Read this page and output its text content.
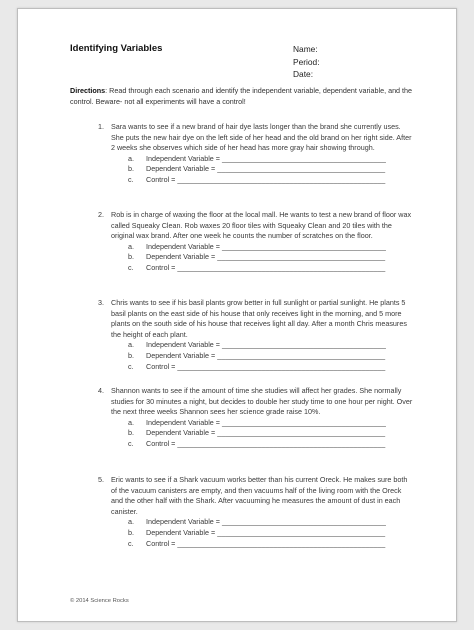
Identifying Variables	Name:
Period:
Date:
Directions: Read through each scenario and identify the independent variable, dependent variable, and the control. Beware- not all experiments will have a control!
1. Sara wants to see if a new brand of hair dye lasts longer than the brand she currently uses. She puts the new hair dye on the left side of her head and the old brand on her right side. After 2 weeks she observes which side of her head has more gray hair showing through.
a. Independent Variable = _________________________________________
b. Dependent Variable = __________________________________________
c. Control = ____________________________________________________
2. Rob is in charge of waxing the floor at the local mall. He wants to test a new brand of floor wax called Squeaky Clean. Rob waxes 20 floor tiles with Squeaky Clean and 20 tiles with the original wax brand. After one week he counts the number of scratches on the floor.
a. Independent Variable = _________________________________________
b. Dependent Variable = __________________________________________
c. Control = ____________________________________________________
3. Chris wants to see if his basil plants grow better in full sunlight or partial sunlight. He plants 5 basil plants on the east side of his house that only receives light in the morning, and 5 more plants on the south side of his house that receives light all day. After a month Chris measures the height of each plant.
a. Independent Variable = _________________________________________
b. Dependent Variable = __________________________________________
c. Control = ____________________________________________________
4. Shannon wants to see if the amount of time she studies will affect her grades. She normally studies for 30 minutes a night, but decides to double her study time to one hour per night. Over the next three weeks Shannon sees her science grade raise 10%.
a. Independent Variable = _________________________________________
b. Dependent Variable = __________________________________________
c. Control = ____________________________________________________
5. Eric wants to see if a Shark vacuum works better than his current Oreck. He makes sure both of the vacuum canisters are empty, and then vacuums half of the living room with the Oreck and the other half with the Shark. After vacuuming he measures the amount of dust in each canister.
a. Independent Variable = _________________________________________
b. Dependent Variable = __________________________________________
c. Control = ____________________________________________________
© 2014 Science Rocks
